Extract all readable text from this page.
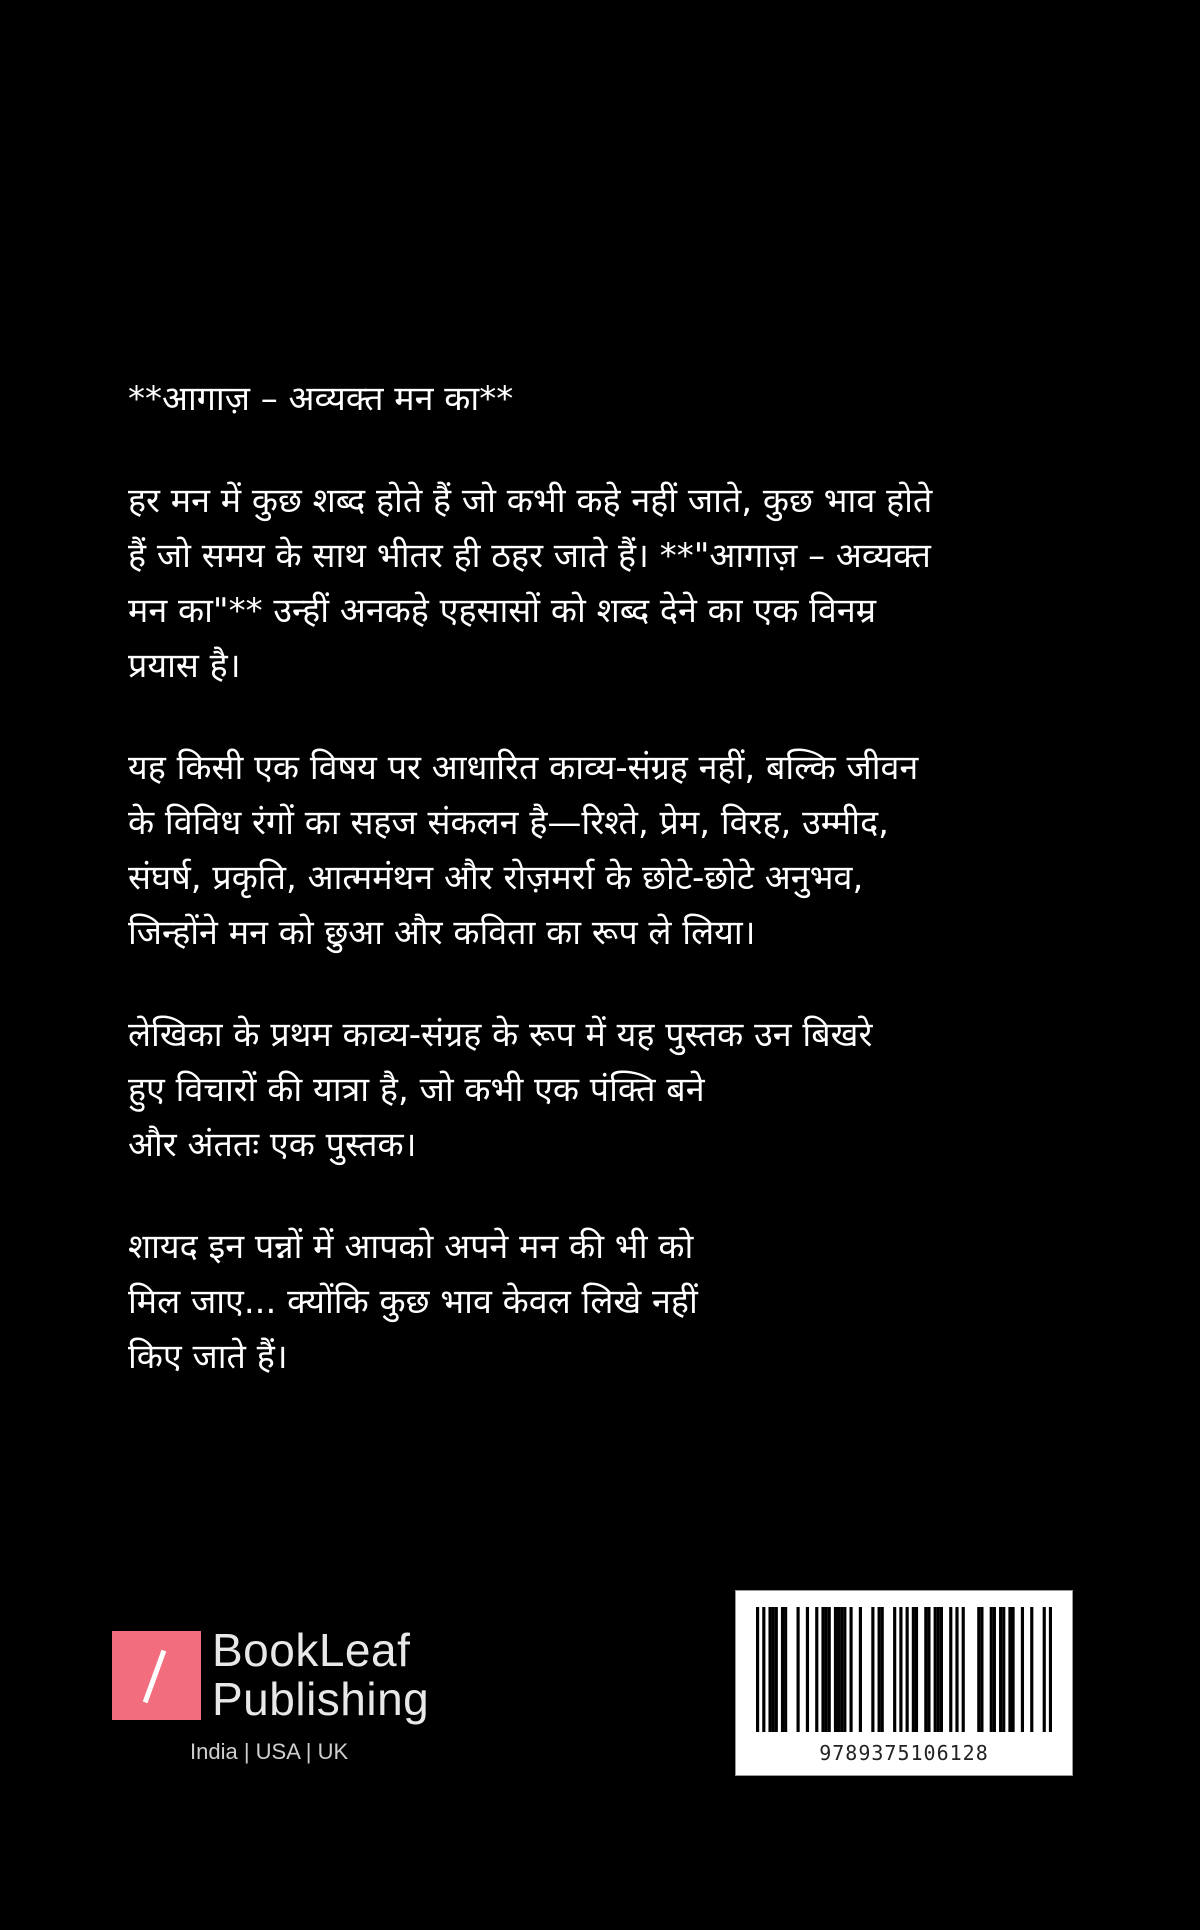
**आगाज़ – अव्यक्त मन का**

हर मन में कुछ शब्द होते हैं जो कभी कहे नहीं जाते, कुछ भाव होते

हैं जो समय के साथ भीतर ही ठहर जाते हैं। **"आगाज़ – अव्यक्त

मन का"** उन्हीं अनकहे एहसासों को शब्द देने का एक विनम्र

प्रयास है।

यह किसी एक विषय पर आधारित काव्य-संग्रह नहीं, बल्कि जीवन

के विविध रंगों का सहज संकलन है—रिश्ते, प्रेम, विरह, उम्मीद,

संघर्ष, प्रकृति, आत्ममंथन और रोज़मर्रा के छोटे-छोटे अनुभव,

जिन्होंने मन को छुआ और कविता का रूप ले लिया।

लेखिका के प्रथम काव्य-संग्रह के रूप में यह पुस्तक उन बिखरे

हुए विचारों की यात्रा है, जो कभी एक पंक्ति बने

और अंततः एक पुस्तक।

शायद इन पन्नों में आपको अपने मन की भी को

मिल जाए... क्योंकि कुछ भाव केवल लिखे नहीं

किए जाते हैं।

BookLeaf
Publishing
India | USA | UK	9789375106128
